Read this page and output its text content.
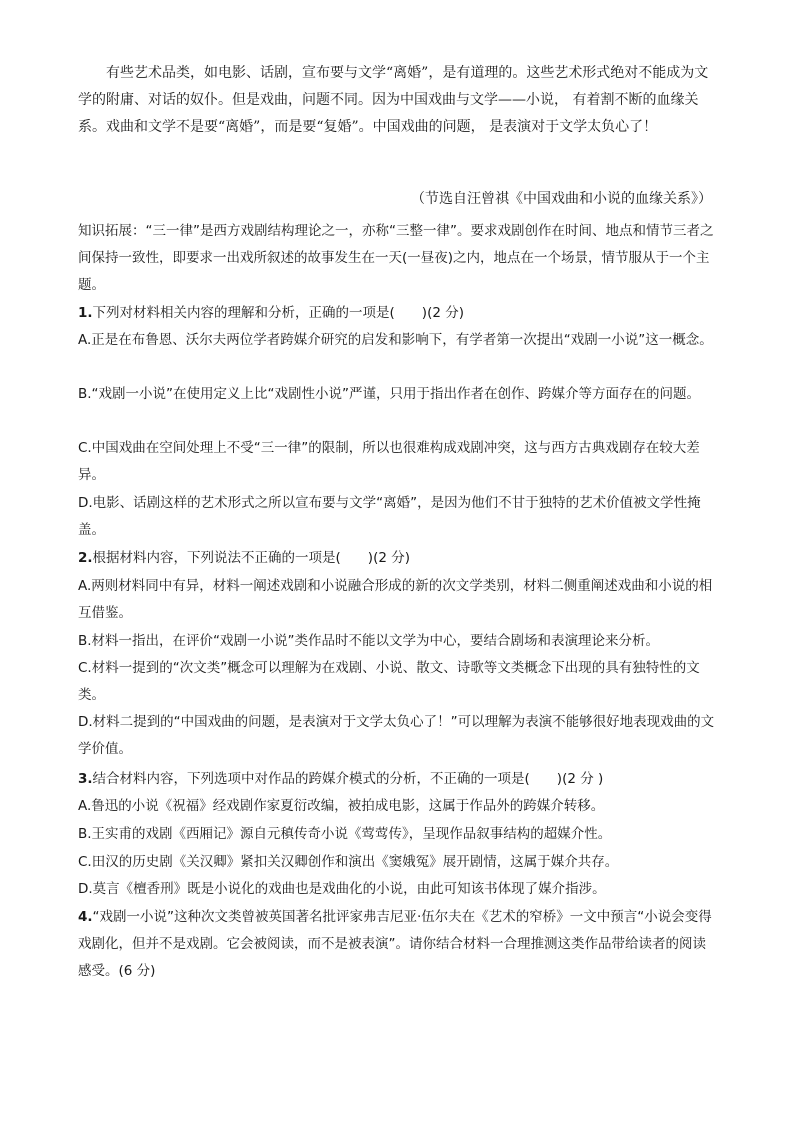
有些艺术品类，如电影、话剧，宣布要与文学“离婚”，是有道理的。这些艺术形式绝对不能成为文学的附庸、对话的奴仆。但是戏曲，问题不同。因为中国戏曲与文学——小说， 有着割不断的血缘关系。戏曲和文学不是要“离婚”，而是要“复婚”。中国戏曲的问题， 是表演对于文学太负心了！

（节选自汪曾祺《中国戏曲和小说的血缘关系》）

知识拓展：“三一律”是西方戏剧结构理论之一，亦称“三整一律”。要求戏剧创作在时间、地点和情节三者之间保持一致性，即要求一出戏所叙述的故事发生在一天(一昼夜)之内，地点在一个场景，情节服从于一个主题。

1.下列对材料相关内容的理解和分析，正确的一项是(　　)(2 分)

A.正是在布鲁恩、沃尔夫两位学者跨媒介研究的启发和影响下，有学者第一次提出“戏剧一小说”这一概念。

B.“戏剧一小说”在使用定义上比“戏剧性小说”严谨，只用于指出作者在创作、跨媒介等方面存在的问题。

C.中国戏曲在空间处理上不受“三一律”的限制，所以也很难构成戏剧冲突，这与西方古典戏剧存在较大差异。

D.电影、话剧这样的艺术形式之所以宣布要与文学“离婚”，是因为他们不甘于独特的艺术价值被文学性掩盖。

2.根据材料内容，下列说法不正确的一项是(　　)(2 分)

A.两则材料同中有异，材料一阐述戏剧和小说融合形成的新的次文学类别，材料二侧重阐述戏曲和小说的相互借鉴。

B.材料一指出，在评价“戏剧一小说”类作品时不能以文学为中心，要结合剧场和表演理论来分析。

C.材料一提到的“次文类”概念可以理解为在戏剧、小说、散文、诗歌等文类概念下出现的具有独特性的文类。

D.材料二提到的“中国戏曲的问题，是表演对于文学太负心了！”可以理解为表演不能够很好地表现戏曲的文学价值。

3.结合材料内容，下列选项中对作品的跨媒介模式的分析，不正确的一项是(　　)(2 分 )

A.鲁迅的小说《祝福》经戏剧作家夏衍改编，被拍成电影，这属于作品外的跨媒介转移。

B.王实甫的戏剧《西厢记》源自元稹传奇小说《莺莺传》，呈现作品叙事结构的超媒介性。

C.田汉的历史剧《关汉卿》紧扣关汉卿创作和演出《窦娥冤》展开剧情，这属于媒介共存。

D.莫言《檀香刑》既是小说化的戏曲也是戏曲化的小说，由此可知该书体现了媒介指涉。

4.“戏剧一小说”这种次文类曾被英国著名批评家弗吉尼亚·伍尔夫在《艺术的窄桥》一文中预言“小说会变得戏剧化，但并不是戏剧。它会被阅读，而不是被表演”。请你结合材料一合理推测这类作品带给读者的阅读感受。(6 分)
